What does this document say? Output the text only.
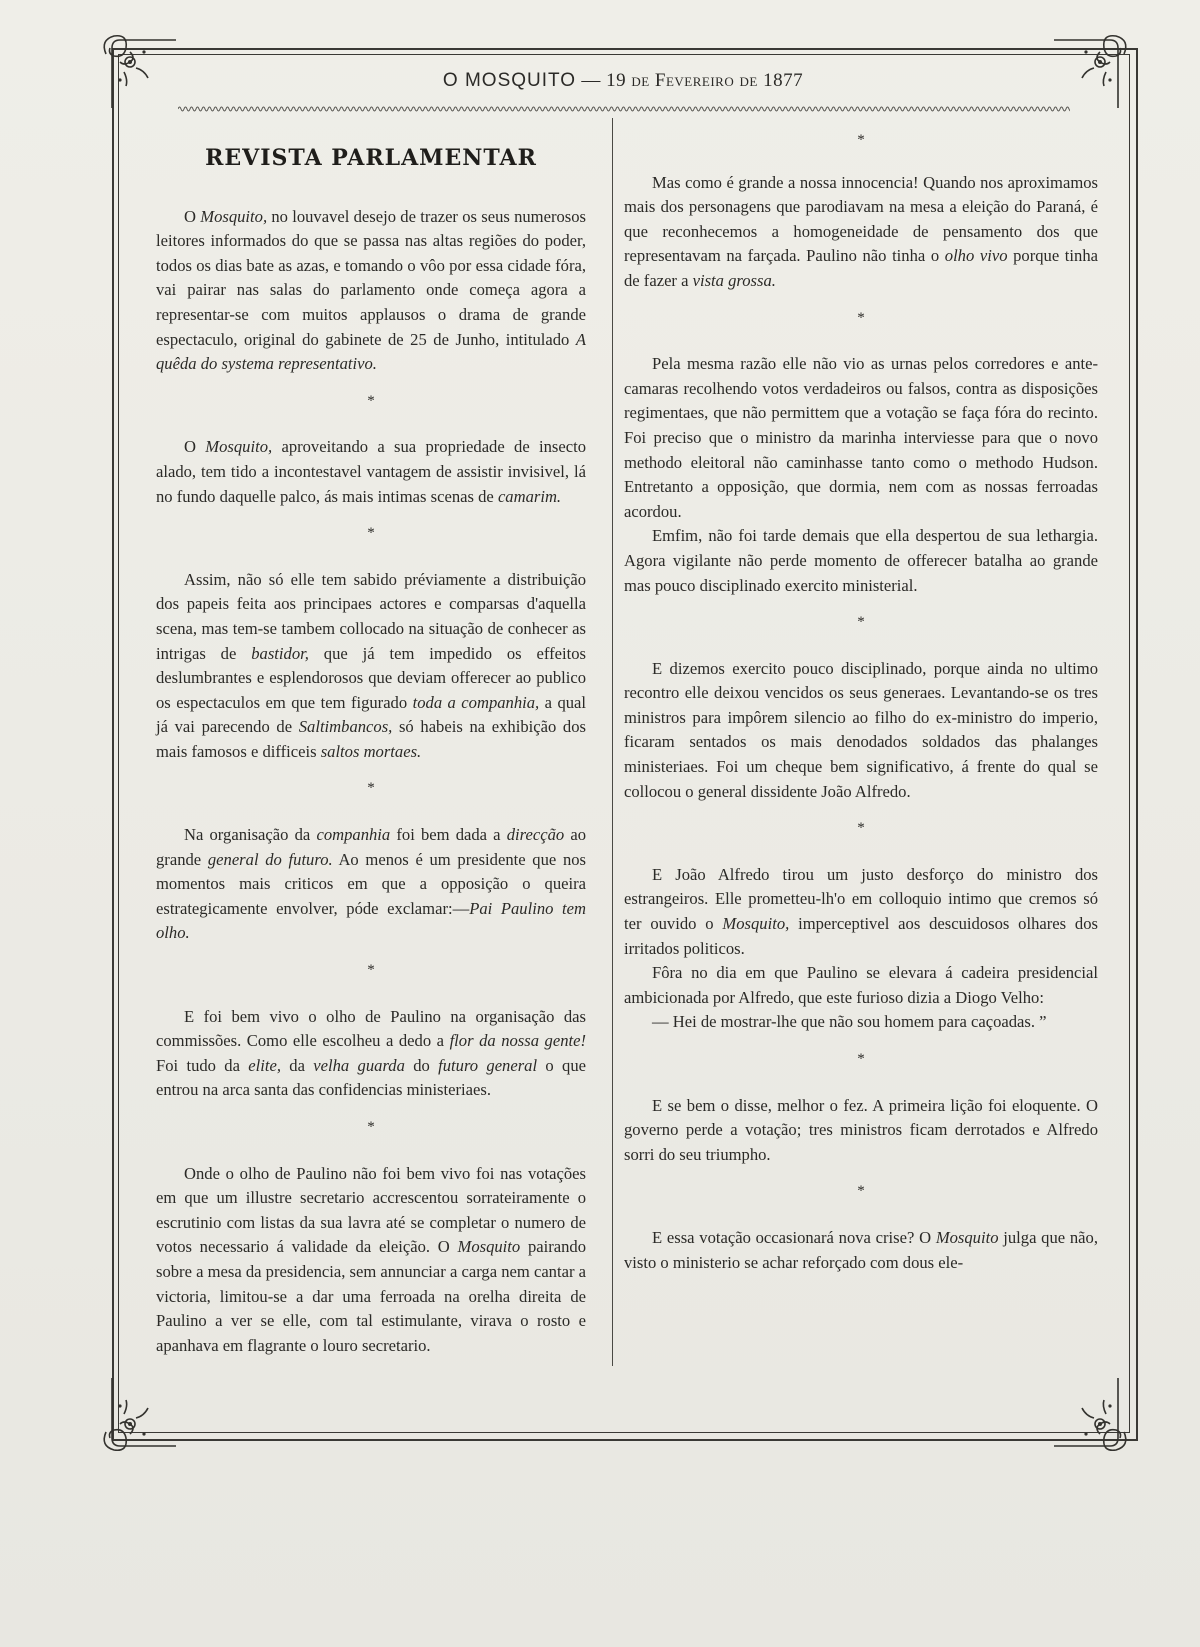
O MOSQUITO — 19 de Fevereiro de 1877
REVISTA PARLAMENTAR

O Mosquito, no louvavel desejo de trazer os seus numerosos leitores informados do que se passa nas altas regiões do poder, todos os dias bate as azas, e tomando o vôo por essa cidade fóra, vai pairar nas salas do parlamento onde começa agora a representar-se com muitos applausos o drama de grande espectaculo, original do gabinete de 25 de Junho, intitulado A quêda do systema representativo.

*

O Mosquito, aproveitando a sua propriedade de insecto alado, tem tido a incontestavel vantagem de assistir invisivel, lá no fundo daquelle palco, ás mais intimas scenas de camarim.

*

Assim, não só elle tem sabido préviamente a distribuição dos papeis feita aos principaes actores e comparsas d'aquella scena, mas tem-se tambem collocado na situação de conhecer as intrigas de bastidor, que já tem impedido os effeitos deslumbrantes e esplendorosos que deviam offerecer ao publico os espectaculos em que tem figurado toda a companhia, a qual já vai parecendo de Saltimbancos, só habeis na exhibição dos mais famosos e difficeis saltos mortaes.

*

Na organisação da companhia foi bem dada a direcção ao grande general do futuro. Ao menos é um presidente que nos momentos mais criticos em que a opposição o queira estrategicamente envolver, póde exclamar:—Pai Paulino tem olho.

*

E foi bem vivo o olho de Paulino na organisação das commissões. Como elle escolheu a dedo a flor da nossa gente! Foi tudo da elite, da velha guarda do futuro general o que entrou na arca santa das confidencias ministeriaes.

*

Onde o olho de Paulino não foi bem vivo foi nas votações em que um illustre secretario accrescentou sorrateiramente o escrutinio com listas da sua lavra até se completar o numero de votos necessario á validade da eleição. O Mosquito pairando sobre a mesa da presidencia, sem annunciar a carga nem cantar a victoria, limitou-se a dar uma ferroada na orelha direita de Paulino a ver se elle, com tal estimulante, virava o rosto e apanhava em flagrante o louro secretario.

*

Mas como é grande a nossa innocencia! Quando nos aproximamos mais dos personagens que parodiavam na mesa a eleição do Paraná, é que reconhecemos a homogeneidade de pensamento dos que representavam na farçada. Paulino não tinha o olho vivo porque tinha de fazer a vista grossa.

*

Pela mesma razão elle não vio as urnas pelos corredores e ante-camaras recolhendo votos verdadeiros ou falsos, contra as disposições regimentaes, que não permittem que a votação se faça fóra do recinto. Foi preciso que o ministro da marinha interviesse para que o novo methodo eleitoral não caminhasse tanto como o methodo Hudson. Entretanto a opposição, que dormia, nem com as nossas ferroadas acordou.

Emfim, não foi tarde demais que ella despertou de sua lethargia. Agora vigilante não perde momento de offerecer batalha ao grande mas pouco disciplinado exercito ministerial.

*

E dizemos exercito pouco disciplinado, porque ainda no ultimo recontro elle deixou vencidos os seus generaes. Levantando-se os tres ministros para impôrem silencio ao filho do ex-ministro do imperio, ficaram sentados os mais denodados soldados das phalanges ministeriaes. Foi um cheque bem significativo, á frente do qual se collocou o general dissidente João Alfredo.

*

E João Alfredo tirou um justo desforço do ministro dos estrangeiros. Elle prometteu-lh'o em colloquio intimo que cremos só ter ouvido o Mosquito, imperceptivel aos descuidosos olhares dos irritados politicos.

Fôra no dia em que Paulino se elevara á cadeira presidencial ambicionada por Alfredo, que este furioso dizia a Diogo Velho:

— Hei de mostrar-lhe que não sou homem para caçoadas. ”

*

E se bem o disse, melhor o fez. A primeira lição foi eloquente. O governo perde a votação; tres ministros ficam derrotados e Alfredo sorri do seu triumpho.

*

E essa votação occasionará nova crise? O Mosquito julga que não, visto o ministerio se achar reforçado com dous ele-
